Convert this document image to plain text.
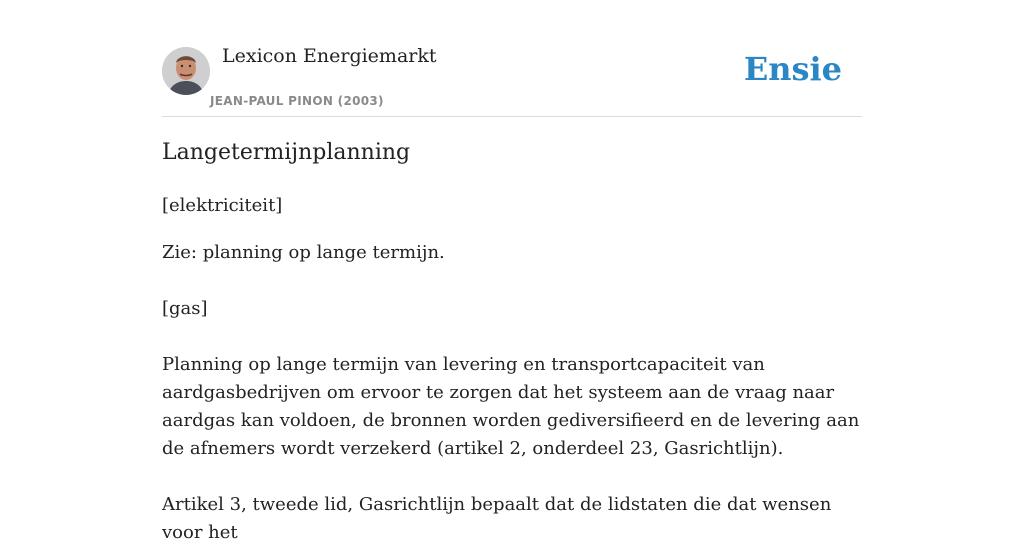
Lexicon Energiemarkt
JEAN-PAUL PINON (2003)
Ensie
Langetermijnplanning

[elektriciteit]

Zie: planning op lange termijn.

[gas]

Planning op lange termijn van levering en transportcapaciteit van aardgasbedrijven om ervoor te zorgen dat het systeem aan de vraag naar aardgas kan voldoen, de bronnen worden gediversifieerd en de levering aan de afnemers wordt verzekerd (artikel 2, onderdeel 23, Gasrichtlijn).

Artikel 3, tweede lid, Gasrichtlijn bepaalt dat de lidstaten die dat wensen voor het
